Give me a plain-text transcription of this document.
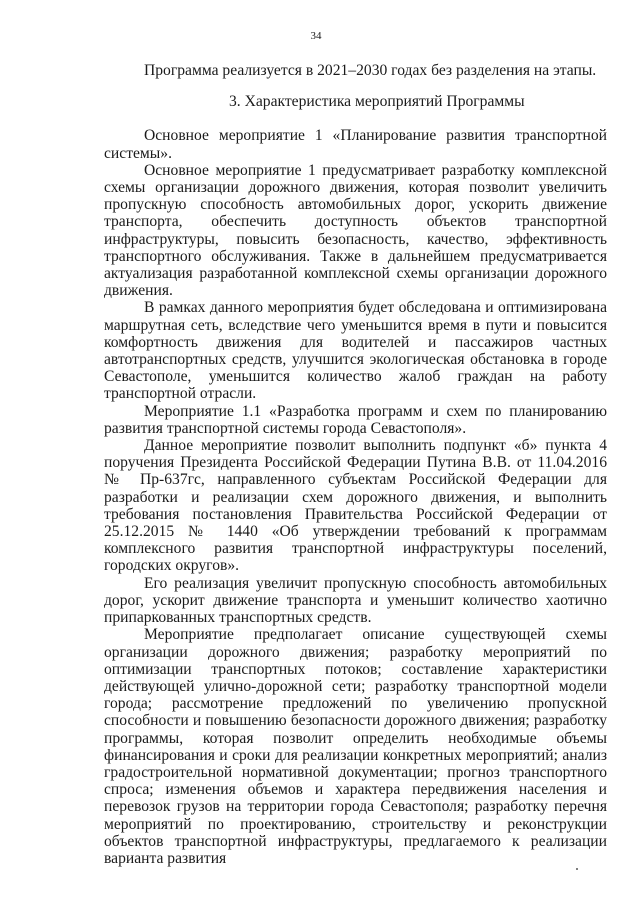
34

Программа реализуется в 2021–2030 годах без разделения на этапы.

3. Характеристика мероприятий Программы

Основное мероприятие 1 «Планирование развития транспортной системы».

Основное мероприятие 1 предусматривает разработку комплексной схемы организации дорожного движения, которая позволит увеличить пропускную способность автомобильных дорог, ускорить движение транспорта, обеспечить доступность объектов транспортной инфраструктуры, повысить безопасность, качество, эффективность транспортного обслуживания. Также в дальнейшем предусматривается актуализация разработанной комплексной схемы организации дорожного движения.

В рамках данного мероприятия будет обследована и оптимизирована маршрутная сеть, вследствие чего уменьшится время в пути и повысится комфортность движения для водителей и пассажиров частных автотранспортных средств, улучшится экологическая обстановка в городе Севастополе, уменьшится количество жалоб граждан на работу транспортной отрасли.

Мероприятие 1.1 «Разработка программ и схем по планированию развития транспортной системы города Севастополя».

Данное мероприятие позволит выполнить подпункт «б» пункта 4 поручения Президента Российской Федерации Путина В.В. от 11.04.2016 № Пр-637гс, направленного субъектам Российской Федерации для разработки и реализации схем дорожного движения, и выполнить требования постановления Правительства Российской Федерации от 25.12.2015 № 1440 «Об утверждении требований к программам комплексного развития транспортной инфраструктуры поселений, городских округов».

Его реализация увеличит пропускную способность автомобильных дорог, ускорит движение транспорта и уменьшит количество хаотично припаркованных транспортных средств.

Мероприятие предполагает описание существующей схемы организации дорожного движения; разработку мероприятий по оптимизации транспортных потоков; составление характеристики действующей улично-дорожной сети; разработку транспортной модели города; рассмотрение предложений по увеличению пропускной способности и повышению безопасности дорожного движения; разработку программы, которая позволит определить необходимые объемы финансирования и сроки для реализации конкретных мероприятий; анализ градостроительной нормативной документации; прогноз транспортного спроса; изменения объемов и характера передвижения населения и перевозок грузов на территории города Севастополя; разработку перечня мероприятий по проектированию, строительству и реконструкции объектов транспортной инфраструктуры, предлагаемого к реализации варианта развития
